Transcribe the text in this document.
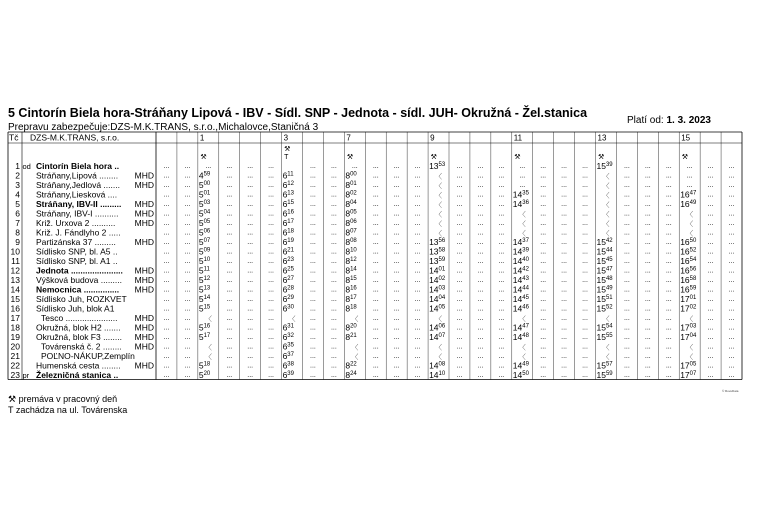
5 Cintorín Biela hora-Stráňany Lipová - IBV - Sídl. SNP - Jednota - sídl. JUH- Okružná - Žel.stanica
Platí od: 1. 3. 2023
Prepravu zabezpečuje:DZS-M.K.TRANS, s.r.o.,Michalovce,Staničná 3
Tč DZS-M.K.TRANS, s.r.o.
1 od Cintorín Biela hora ..
2 Stráňany,Lipová ........ MHD
3 Stráňany,Jedlová ....... MHD
4 Stráňany,Liesková ....
5 Stráňany, IBV-II ......... MHD
6 Stráňany, IBV-I .......... MHD
7 Križ. Urxova 2 .......... MHD
8 Križ. J. Fándlyho 2 .....
9 Partizánska 37 ......... MHD
10 Sídlisko SNP, bl. A5 ..
11 Sídlisko SNP, bl. A1 ..
12 Jednota ...................... MHD
13 Výšková budova ......... MHD
14 Nemocnica ............... MHD
15 Sídlisko Juh, ROZKVET
16 Sídlisko Juh, blok A1
17 Tesco ...................... MHD
18 Okružná, blok H2 ....... MHD
19 Okružná, blok F3 ........ MHD
20 Továrenská č. 2 ........ MHD
21 POĽNO-NÁKUP,Zemplín
22 Humenská cesta ........ MHD
23 pr Železničná stanica ..
...
...
...
...
...
...
...
...
...
...
...
...
...
...
...
...
...
...
...
...
...
...
...
...
...
...
...
...
...
...
...
...
...
...
...
...
...
...
...
...
...
...
...
...
...
...
1
⚒
...
$4^{59}$
$5^{00}$
$5^{01}$
$5^{03}$
$5^{04}$
$5^{05}$
$5^{06}$
$5^{07}$
$5^{09}$
$5^{10}$
$5^{11}$
$5^{12}$
$5^{13}$
$5^{14}$
$5^{15}$
〈
$5^{16}$
$5^{17}$
〈
〈
$5^{18}$
$5^{20}$
...
...
...
...
...
...
...
...
...
...
...
...
...
...
...
...
...
...
...
...
...
...
...
...
...
...
...
...
...
...
...
...
...
...
...
...
...
...
...
...
...
...
...
...
...
...
...
...
...
...
...
...
...
...
...
...
...
...
...
...
...
...
...
...
...
...
...
...
...
3
⚒
T
$6^{11}$
$6^{12}$
$6^{13}$
$6^{15}$
$6^{16}$
$6^{17}$
$6^{18}$
$6^{19}$
$6^{21}$
$6^{23}$
$6^{25}$
$6^{27}$
$6^{28}$
$6^{29}$
$6^{30}$
〈
$6^{31}$
$6^{32}$
$6^{35}$
$6^{37}$
$6^{38}$
$6^{39}$
...
...
...
...
...
...
...
...
...
...
...
...
...
...
...
...
...
...
...
...
...
...
...
...
...
...
...
...
...
...
...
...
...
...
...
...
...
...
...
...
...
...
...
...
...
...
7
⚒
...
$8^{00}$
$8^{01}$
$8^{02}$
$8^{04}$
$8^{05}$
$8^{06}$
$8^{07}$
$8^{08}$
$8^{10}$
$8^{12}$
$8^{14}$
$8^{15}$
$8^{16}$
$8^{17}$
$8^{18}$
〈
$8^{20}$
$8^{21}$
〈
〈
$8^{22}$
$8^{24}$
...
...
...
...
...
...
...
...
...
...
...
...
...
...
...
...
...
...
...
...
...
...
...
...
...
...
...
...
...
...
...
...
...
...
...
...
...
...
...
...
...
...
...
...
...
...
...
...
...
...
...
...
...
...
...
...
...
...
...
...
...
...
...
...
...
...
...
...
...
9
⚒
$13^{53}$
〈
〈
〈
〈
〈
〈
〈
$13^{56}$
$13^{58}$
$13^{59}$
$14^{01}$
$14^{02}$
$14^{03}$
$14^{04}$
$14^{05}$
〈
$14^{06}$
$14^{07}$
〈
〈
$14^{08}$
$14^{10}$
...
...
...
...
...
...
...
...
...
...
...
...
...
...
...
...
...
...
...
...
...
...
...
...
...
...
...
...
...
...
...
...
...
...
...
...
...
...
...
...
...
...
...
...
...
...
...
...
...
...
...
...
...
...
...
...
...
...
...
...
...
...
...
...
...
...
...
...
...
11
⚒
...
...
...
$14^{35}$
$14^{36}$
〈
〈
〈
$14^{37}$
$14^{39}$
$14^{40}$
$14^{42}$
$14^{43}$
$14^{44}$
$14^{45}$
$14^{46}$
〈
$14^{47}$
$14^{48}$
〈
〈
$14^{49}$
$14^{50}$
...
...
...
...
...
...
...
...
...
...
...
...
...
...
...
...
...
...
...
...
...
...
...
...
...
...
...
...
...
...
...
...
...
...
...
...
...
...
...
...
...
...
...
...
...
...
...
...
...
...
...
...
...
...
...
...
...
...
...
...
...
...
...
...
...
...
...
...
...
13
⚒
$15^{39}$
〈
〈
〈
〈
〈
〈
〈
$15^{42}$
$15^{44}$
$15^{45}$
$15^{47}$
$15^{48}$
$15^{49}$
$15^{51}$
$15^{52}$
〈
$15^{54}$
$15^{55}$
〈
〈
$15^{57}$
$15^{59}$
...
...
...
...
...
...
...
...
...
...
...
...
...
...
...
...
...
...
...
...
...
...
...
...
...
...
...
...
...
...
...
...
...
...
...
...
...
...
...
...
...
...
...
...
...
...
...
...
...
...
...
...
...
...
...
...
...
...
...
...
...
...
...
...
...
...
...
...
...
15
⚒
...
...
...
$16^{47}$
$16^{49}$
〈
〈
〈
$16^{50}$
$16^{52}$
$16^{54}$
$16^{56}$
$16^{58}$
$16^{59}$
$17^{01}$
$17^{02}$
〈
$17^{03}$
$17^{04}$
〈
〈
$17^{05}$
$17^{07}$
...
...
...
...
...
...
...
...
...
...
...
...
...
...
...
...
...
...
...
...
...
...
...
...
...
...
...
...
...
...
...
...
...
...
...
...
...
...
...
...
...
...
...
...
...
...
⚒ premáva v pracovný deň
T zachádza na ul. Továrenska
© RoveData
